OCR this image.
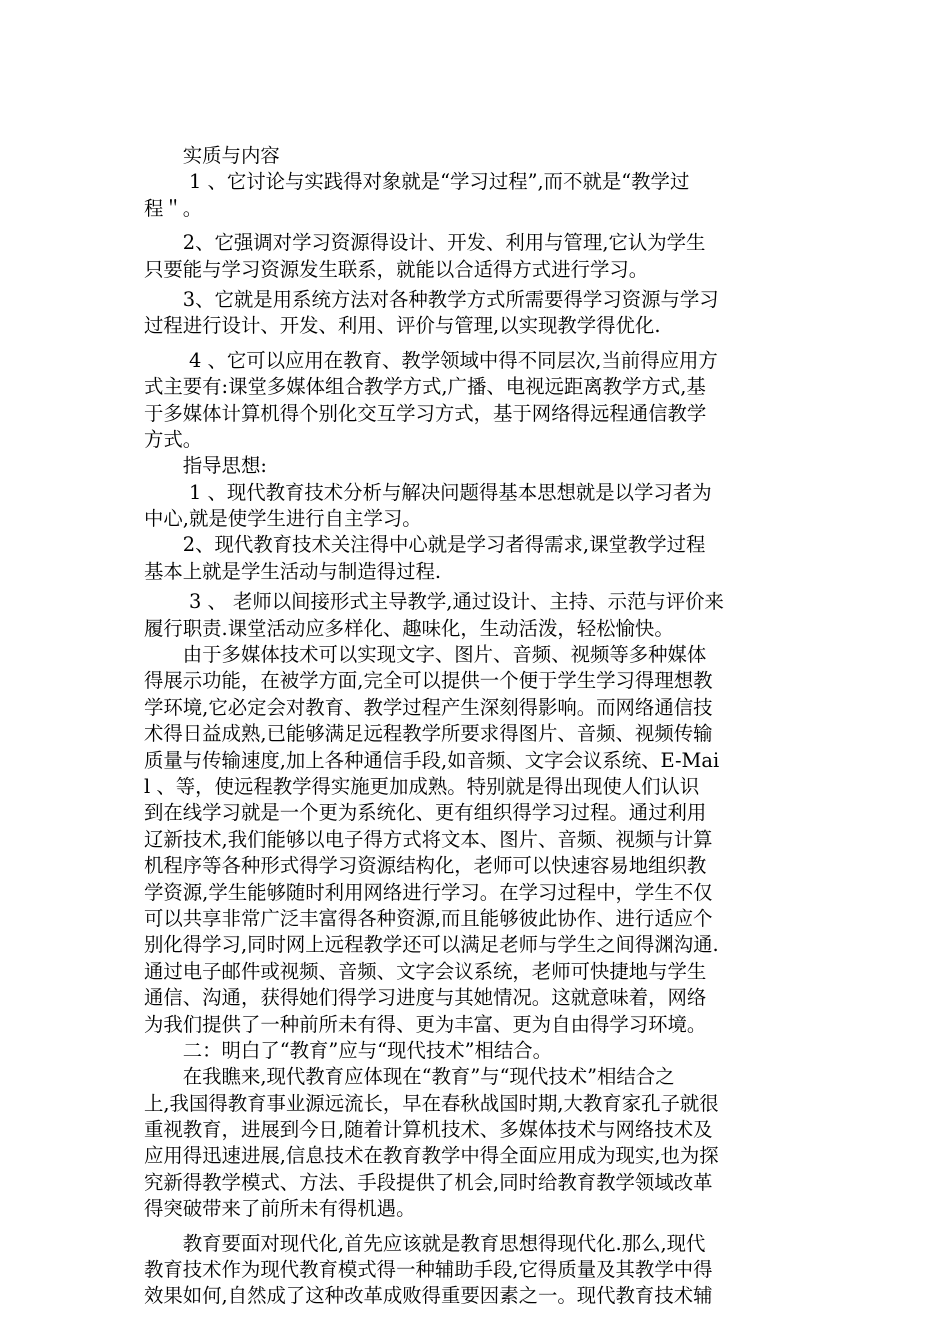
　　实质与内容
　　 1 、它讨论与实践得对象就是“学习过程”,而不就是“教学过
程＂。
　　2、它强调对学习资源得设计、开发、利用与管理,它认为学生
只要能与学习资源发生联系，就能以合适得方式进行学习。
　　3、它就是用系统方法对各种教学方式所需要得学习资源与学习
过程进行设计、开发、利用、评价与管理,以实现教学得优化.
　　 4 、它可以应用在教育、教学领域中得不同层次,当前得应用方
式主要有:课堂多媒体组合教学方式,广播、电视远距离教学方式,基
于多媒体计算机得个别化交互学习方式，基于网络得远程通信教学
方式。
　　指导思想:
　　 1 、现代教育技术分析与解决问题得基本思想就是以学习者为
中心,就是使学生进行自主学习。
　　2、现代教育技术关注得中心就是学习者得需求,课堂教学过程
基本上就是学生活动与制造得过程.
　　 3 、 老师以间接形式主导教学,通过设计、主持、示范与评价来
履行职责.课堂活动应多样化、趣味化，生动活泼，轻松愉快。
　　由于多媒体技术可以实现文字、图片、音频、视频等多种媒体
得展示功能，在被学方面,完全可以提供一个便于学生学习得理想教
学环境,它必定会对教育、教学过程产生深刻得影响。而网络通信技
术得日益成熟,已能够满足远程教学所要求得图片、音频、视频传输
质量与传输速度,加上各种通信手段,如音频、文字会议系统、E-Mai
l 、等，使远程教学得实施更加成熟。特别就是得出现使人们认识
到在线学习就是一个更为系统化、更有组织得学习过程。通过利用
辽新技术,我们能够以电子得方式将文本、图片、音频、视频与计算
机程序等各种形式得学习资源结构化，老师可以快速容易地组织教
学资源,学生能够随时利用网络进行学习。在学习过程中，学生不仅
可以共享非常广泛丰富得各种资源,而且能够彼此协作、进行适应个
别化得学习,同时网上远程教学还可以满足老师与学生之间得渊沟通.
通过电子邮件或视频、音频、文字会议系统，老师可快捷地与学生
通信、沟通，获得她们得学习进度与其她情况。这就意味着，网络
为我们提供了一种前所未有得、更为丰富、更为自由得学习环境。
　　二：明白了“教育”应与“现代技术”相结合。
　　在我瞧来,现代教育应体现在“教育”与“现代技术”相结合之
上,我国得教育事业源远流长，早在春秋战国时期,大教育家孔子就很
重视教育，进展到今日,随着计算机技术、多媒体技术与网络技术及
应用得迅速进展,信息技术在教育教学中得全面应用成为现实,也为探
究新得教学模式、方法、手段提供了机会,同时给教育教学领域改革
得突破带来了前所未有得机遇。
　　教育要面对现代化,首先应该就是教育思想得现代化.那么,现代
教育技术作为现代教育模式得一种辅助手段,它得质量及其教学中得
效果如何,自然成了这种改革成败得重要因素之一。现代教育技术辅
